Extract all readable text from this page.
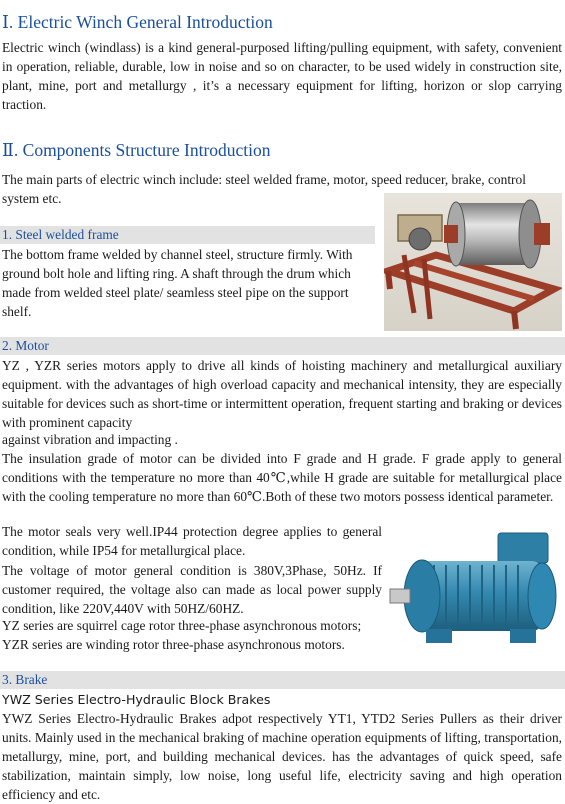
Ⅰ. Electric Winch General Introduction

Electric winch (windlass) is a kind general-purposed lifting/pulling equipment, with safety, convenient in operation, reliable, durable, low in noise and so on character, to be used widely in construction site, plant, mine, port and metallurgy , it’s a necessary equipment for lifting, horizon or slop carrying traction.

Ⅱ. Components Structure Introduction

The main parts of electric winch include: steel welded frame, motor, speed reducer, brake, control system etc.

1. Steel welded frame

The bottom frame welded by channel steel, structure firmly. With ground bolt hole and lifting ring. A shaft through the drum which made from welded steel plate/ seamless steel pipe on the support shelf.

2. Motor

YZ , YZR series motors apply to drive all kinds of hoisting machinery and metallurgical auxiliary equipment. with the advantages of high overload capacity and mechanical intensity, they are especially suitable for devices such as short-time or intermittent operation, frequent starting and braking or devices with prominent capacity

against vibration and impacting .

The insulation grade of motor can be divided into F grade and H grade. F grade apply to general conditions with the temperature no more than 40℃,while H grade are suitable for metallurgical place with the cooling temperature no more than 60℃.Both of these two motors possess identical parameter.

The motor seals very well.IP44 protection degree applies to general condition, while IP54 for metallurgical place.

The voltage of motor general condition is 380V,3Phase, 50Hz. If customer required, the voltage also can made as local power supply condition, like 220V,440V with 50HZ/60HZ.

YZ series are squirrel cage rotor three-phase asynchronous motors;

YZR series are winding rotor three-phase asynchronous motors.

3. Brake

YWZ Series Electro-Hydraulic Block Brakes

YWZ Series Electro-Hydraulic Brakes adpot respectively YT1, YTD2 Series Pullers as their driver units. Mainly used in the mechanical braking of machine operation equipments of lifting, transportation, metallurgy, mine, port, and building mechanical devices. has the advantages of quick speed, safe stabilization, maintain simply, low noise, long useful life, electricity saving and high operation efficiency and etc.
